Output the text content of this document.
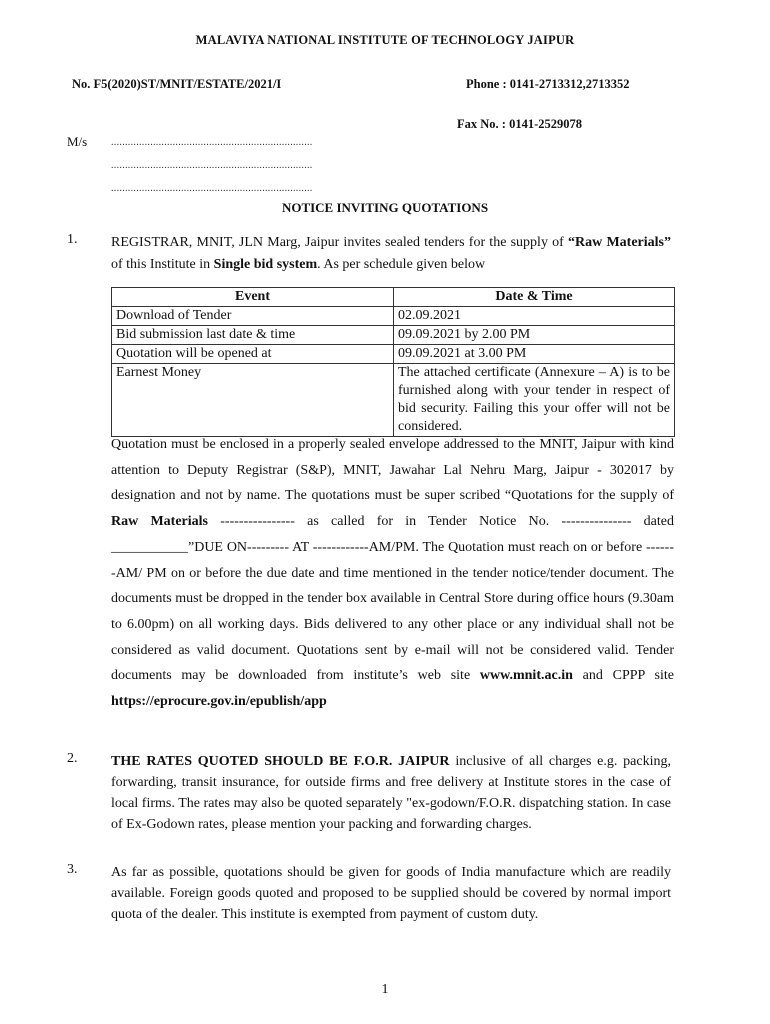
MALAVIYA NATIONAL INSTITUTE OF TECHNOLOGY JAIPUR
No. F5(2020)ST/MNIT/ESTATE/2021/I	Phone : 0141-2713312,2713352
Fax No. : 0141-2529078
M/s ........................................................................
........................................................................
........................................................................
NOTICE INVITING QUOTATIONS
1. REGISTRAR, MNIT, JLN Marg, Jaipur invites sealed tenders for the supply of “Raw Materials” of this Institute in Single bid system. As per schedule given below
Event	Date & Time
Download of Tender	02.09.2021
Bid submission last date & time	09.09.2021 by 2.00 PM
Quotation will be opened at	09.09.2021 at 3.00 PM
Earnest Money	The attached certificate (Annexure – A) is to be furnished along with your tender in respect of bid security. Failing this your offer will not be considered.
Quotation must be enclosed in a properly sealed envelope addressed to the MNIT, Jaipur with kind attention to Deputy Registrar (S&P), MNIT, Jawahar Lal Nehru Marg, Jaipur - 302017 by designation and not by name. The quotations must be super scribed “Quotations for the supply of Raw Materials ---------------- as called for in Tender Notice No. --------------- dated ___________”DUE ON--------- AT ------------AM/PM. The Quotation must reach on or before -------AM/ PM on or before the due date and time mentioned in the tender notice/tender document. The documents must be dropped in the tender box available in Central Store during office hours (9.30am to 6.00pm) on all working days. Bids delivered to any other place or any individual shall not be considered as valid document. Quotations sent by e-mail will not be considered valid. Tender documents may be downloaded from institute’s web site www.mnit.ac.in and CPPP site https://eprocure.gov.in/epublish/app
2. THE RATES QUOTED SHOULD BE F.O.R. JAIPUR inclusive of all charges e.g. packing, forwarding, transit insurance, for outside firms and free delivery at Institute stores in the case of local firms. The rates may also be quoted separately "ex-godown/F.O.R. dispatching station. In case of Ex-Godown rates, please mention your packing and forwarding charges.
3. As far as possible, quotations should be given for goods of India manufacture which are readily available. Foreign goods quoted and proposed to be supplied should be covered by normal import quota of the dealer. This institute is exempted from payment of custom duty.
1
